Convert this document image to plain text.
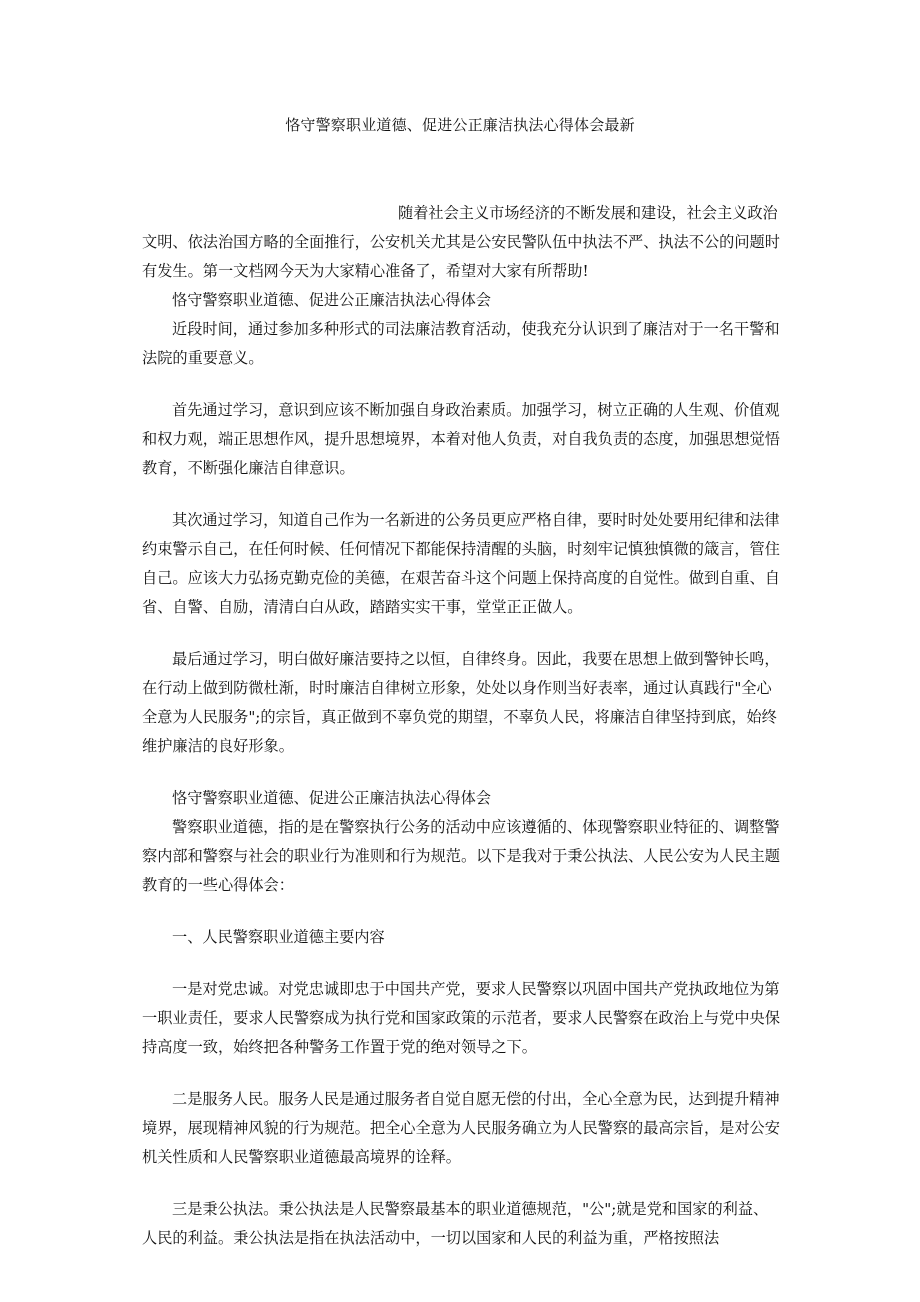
恪守警察职业道德、促进公正廉洁执法心得体会最新

随着社会主义市场经济的不断发展和建设，社会主义政治文明、依法治国方略的全面推行，公安机关尤其是公安民警队伍中执法不严、执法不公的问题时有发生。第一文档网今天为大家精心准备了，希望对大家有所帮助!

恪守警察职业道德、促进公正廉洁执法心得体会

近段时间，通过参加多种形式的司法廉洁教育活动，使我充分认识到了廉洁对于一名干警和法院的重要意义。

首先通过学习，意识到应该不断加强自身政治素质。加强学习，树立正确的人生观、价值观和权力观，端正思想作风，提升思想境界，本着对他人负责，对自我负责的态度，加强思想觉悟教育，不断强化廉洁自律意识。

其次通过学习，知道自己作为一名新进的公务员更应严格自律，要时时处处要用纪律和法律约束警示自己，在任何时候、任何情况下都能保持清醒的头脑，时刻牢记慎独慎微的箴言，管住自己。应该大力弘扬克勤克俭的美德，在艰苦奋斗这个问题上保持高度的自觉性。做到自重、自省、自警、自励，清清白白从政，踏踏实实干事，堂堂正正做人。

最后通过学习，明白做好廉洁要持之以恒，自律终身。因此，我要在思想上做到警钟长鸣，在行动上做到防微杜渐，时时廉洁自律树立形象，处处以身作则当好表率，通过认真践行"全心全意为人民服务";的宗旨，真正做到不辜负党的期望，不辜负人民，将廉洁自律坚持到底，始终维护廉洁的良好形象。

恪守警察职业道德、促进公正廉洁执法心得体会

警察职业道德，指的是在警察执行公务的活动中应该遵循的、体现警察职业特征的、调整警察内部和警察与社会的职业行为准则和行为规范。以下是我对于秉公执法、人民公安为人民主题教育的一些心得体会：

一、人民警察职业道德主要内容

一是对党忠诚。对党忠诚即忠于中国共产党，要求人民警察以巩固中国共产党执政地位为第一职业责任，要求人民警察成为执行党和国家政策的示范者，要求人民警察在政治上与党中央保持高度一致，始终把各种警务工作置于党的绝对领导之下。

二是服务人民。服务人民是通过服务者自觉自愿无偿的付出，全心全意为民，达到提升精神境界，展现精神风貌的行为规范。把全心全意为人民服务确立为人民警察的最高宗旨，是对公安机关性质和人民警察职业道德最高境界的诠释。

三是秉公执法。秉公执法是人民警察最基本的职业道德规范，"公";就是党和国家的利益、人民的利益。秉公执法是指在执法活动中，一切以国家和人民的利益为重，严格按照法
